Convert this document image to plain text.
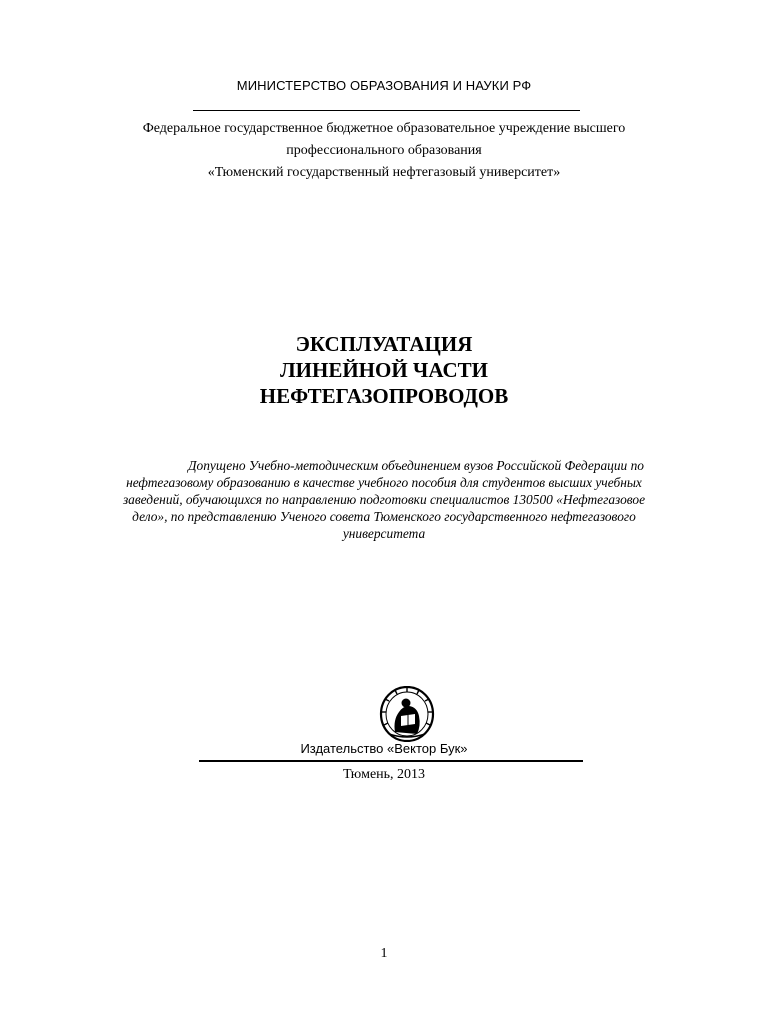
МИНИСТЕРСТВО ОБРАЗОВАНИЯ И НАУКИ РФ
Федеральное государственное бюджетное образовательное учреждение высшего
профессионального образования
«Тюменский государственный нефтегазовый университет»
ЭКСПЛУАТАЦИЯ
ЛИНЕЙНОЙ ЧАСТИ
НЕФТЕГАЗОПРОВОДОВ
Допущено Учебно-методическим объединением вузов Российской Федерации по
нефтегазовому образованию в качестве учебного пособия для студентов высших учебных
заведений, обучающихся по направлению подготовки специалистов 130500 «Нефтегазовое
дело», по представлению Ученого совета Тюменского государственного нефтегазового
университета
Издательство «Вектор Бук»
Тюмень, 2013
1
